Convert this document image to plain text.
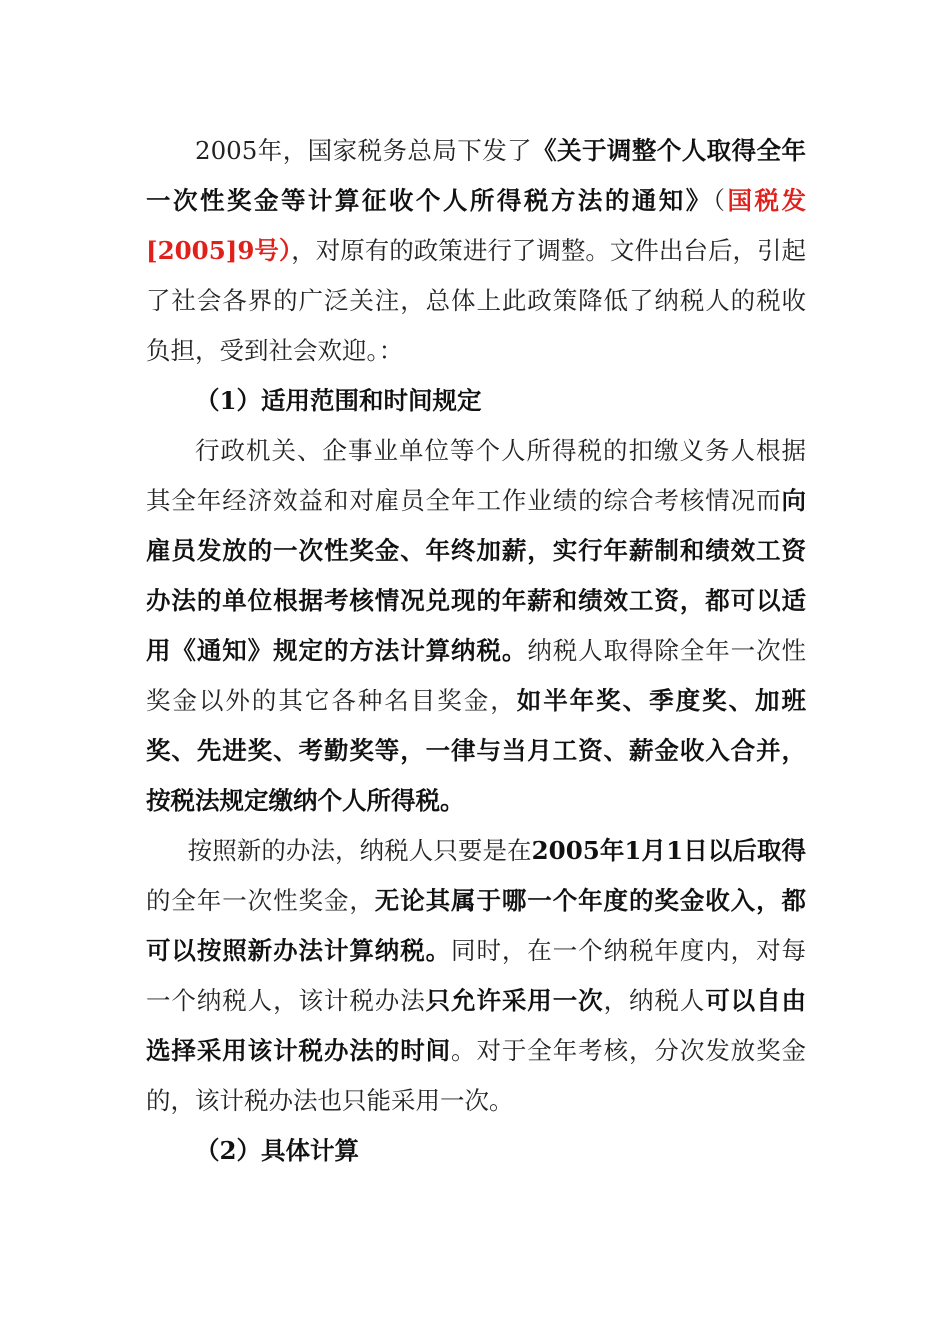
2005年，国家税务总局下发了《关于调整个人取得全年一次性奖金等计算征收个人所得税方法的通知》（国税发[2005]9号），对原有的政策进行了调整。文件出台后，引起了社会各界的广泛关注，总体上此政策降低了纳税人的税收负担，受到社会欢迎。：

（1）适用范围和时间规定

行政机关、企事业单位等个人所得税的扣缴义务人根据其全年经济效益和对雇员全年工作业绩的综合考核情况而向雇员发放的一次性奖金、年终加薪，实行年薪制和绩效工资办法的单位根据考核情况兑现的年薪和绩效工资，都可以适用《通知》规定的方法计算纳税。纳税人取得除全年一次性奖金以外的其它各种名目奖金，如半年奖、季度奖、加班奖、先进奖、考勤奖等，一律与当月工资、薪金收入合并，按税法规定缴纳个人所得税。

按照新的办法，纳税人只要是在2005年1月1日以后取得的全年一次性奖金，无论其属于哪一个年度的奖金收入，都可以按照新办法计算纳税。同时，在一个纳税年度内，对每一个纳税人，该计税办法只允许采用一次，纳税人可以自由选择采用该计税办法的时间。对于全年考核，分次发放奖金的，该计税办法也只能采用一次。

（2）具体计算
